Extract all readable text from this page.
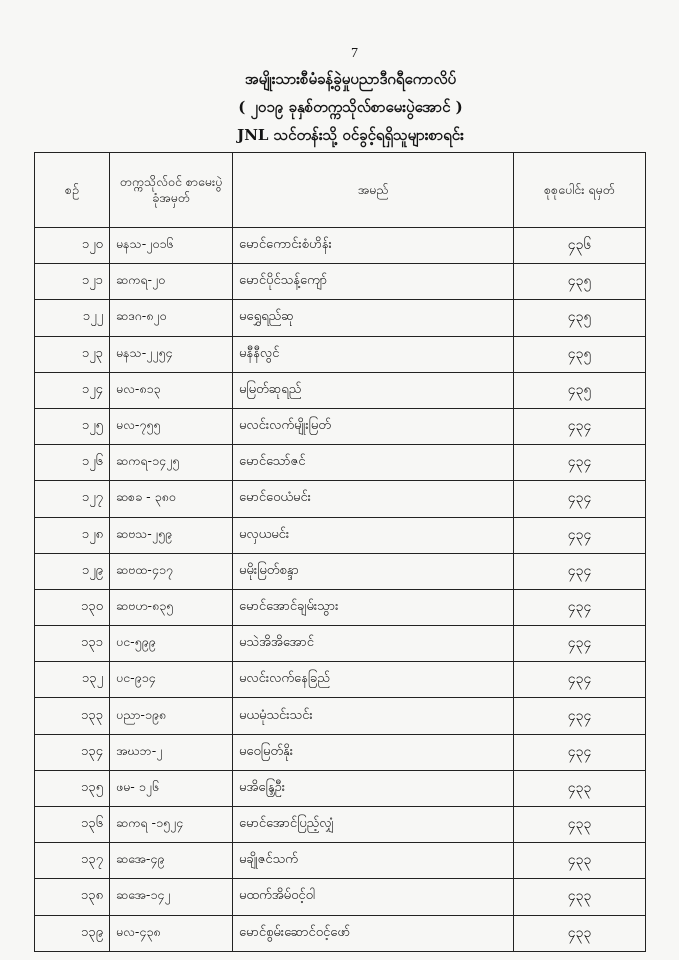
7
အမျိုးသားစီမံခန့်ခွဲမှုပညာဒီဂရီကောလိပ်
( ၂၀၁၉ ခုနှစ်တက္ကသိုလ်စာမေးပွဲအောင် )
JNL သင်တန်းသို့ ဝင်ခွင့်ရရှိသူများစာရင်း
စဉ်	တက္ကသိုလ်ဝင် စာမေးပွဲ ခုံအမှတ်	အမည်	စုစုပေါင်း ရမှတ်
၁၂၀	မနသ-၂၀၁၆	မောင်ကောင်းစံဟိန်း	၄၃၆
၁၂၁	ဆကရ-၂၀	မောင်ပိုင်သန့်ကျော်	၄၃၅
၁၂၂	ဆဒဂ-၈၂၀	မရွှေရည်ဆု	၄၃၅
၁၂၃	မနသ-၂၂၅၄	မနီနီလွင်	၄၃၅
၁၂၄	မလ-၈၁၃	မမြတ်ဆုရည်	၄၃၅
၁၂၅	မလ-၇၅၅	မလင်းလက်မျိုးမြတ်	၄၃၄
၁၂၆	ဆကရ-၁၄၂၅	မောင်သော်ဇင်	၄၃၄
၁၂၇	ဆစခ - ၃၈၀	မောင်ဝေယံမင်း	၄၃၄
၁၂၈	ဆဗသ-၂၅၉	မလှယမင်း	၄၃၄
၁၂၉	ဆဗထ-၄၁၇	မမိုးမြတ်စန္ဒာ	၄၃၄
၁၃၀	ဆဗဟ-၈၃၅	မောင်အောင်ချမ်းသွား	၄၃၄
၁၃၁	ပင-၅၉၉	မသဲအိအိအောင်	၄၃၄
၁၃၂	ပင-၉၁၄	မလင်းလက်နေခြည်	၄၃၄
၁၃၃	ပညာ-၁၉၈	မယမုံသင်းသင်း	၄၃၄
၁၃၄	အဃဘ-၂	မဝေမြတ်နိုး	၄၃၄
၁၃၅	ဖမ- ၁၂၆	မအိန္ဒြေဦး	၄၃၃
၁၃၆	ဆကရ -၁၅၂၄	မောင်အောင်ပြည့်လျှံ	၄၃၃
၁၃၇	ဆအေ-၄၉	မချိုဇင်သက်	၄၃၃
၁၃၈	ဆအေ-၁၄၂	မထက်အိမ်ဝင့်ဝါ	၄၃၃
၁၃၉	မလ-၄၃၈	မောင်စွမ်းဆောင်ဝင့်ဖော်	၄၃၃
